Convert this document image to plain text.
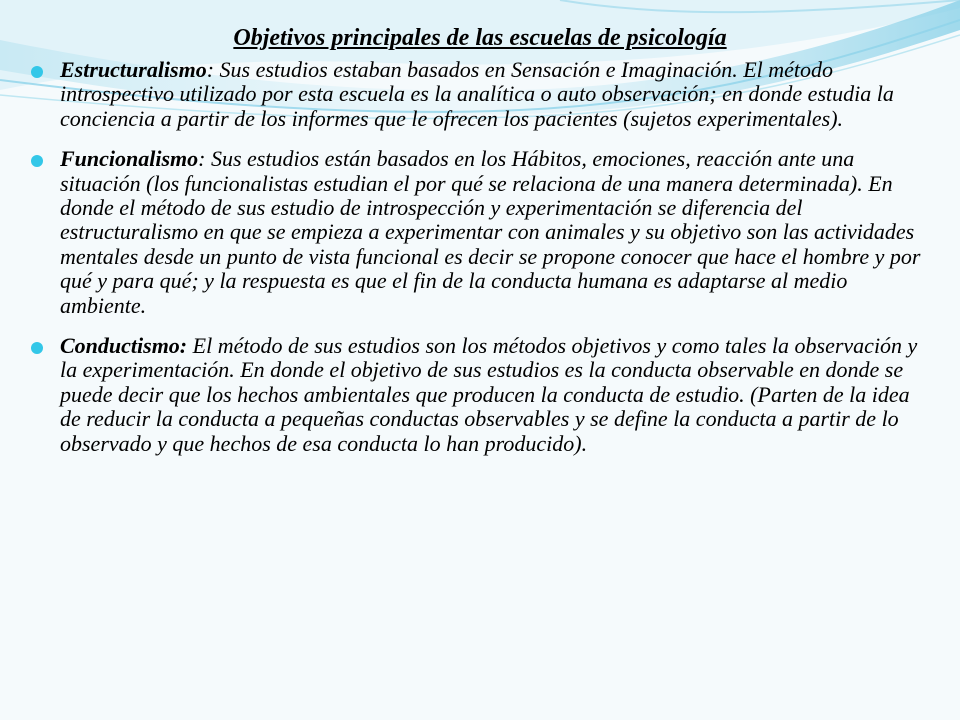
Objetivos principales de las escuelas de psicología
Estructuralismo: Sus estudios estaban basados en Sensación e Imaginación. El método introspectivo utilizado por esta escuela es la analítica o auto observación; en donde estudia la conciencia a partir de los informes que le ofrecen los pacientes (sujetos experimentales).
Funcionalismo: Sus estudios están basados en los Hábitos, emociones, reacción ante una situación (los funcionalistas estudian el por qué se relaciona de una manera determinada). En donde el método de sus estudio de introspección y experimentación se diferencia del estructuralismo en que se empieza a experimentar con animales y su objetivo son las actividades mentales desde un punto de vista funcional es decir se propone conocer que hace el hombre y por qué y para qué; y la respuesta es que el fin de la conducta humana es adaptarse al medio ambiente.
Conductismo: El método de sus estudios son los métodos objetivos y como tales la observación y la experimentación. En donde el objetivo de sus estudios es la conducta observable en donde se puede decir que los hechos ambientales que producen la conducta de estudio. (Parten de la idea de reducir la conducta a pequeñas conductas observables y se define la conducta a partir de lo observado y que hechos de esa conducta lo han producido).
